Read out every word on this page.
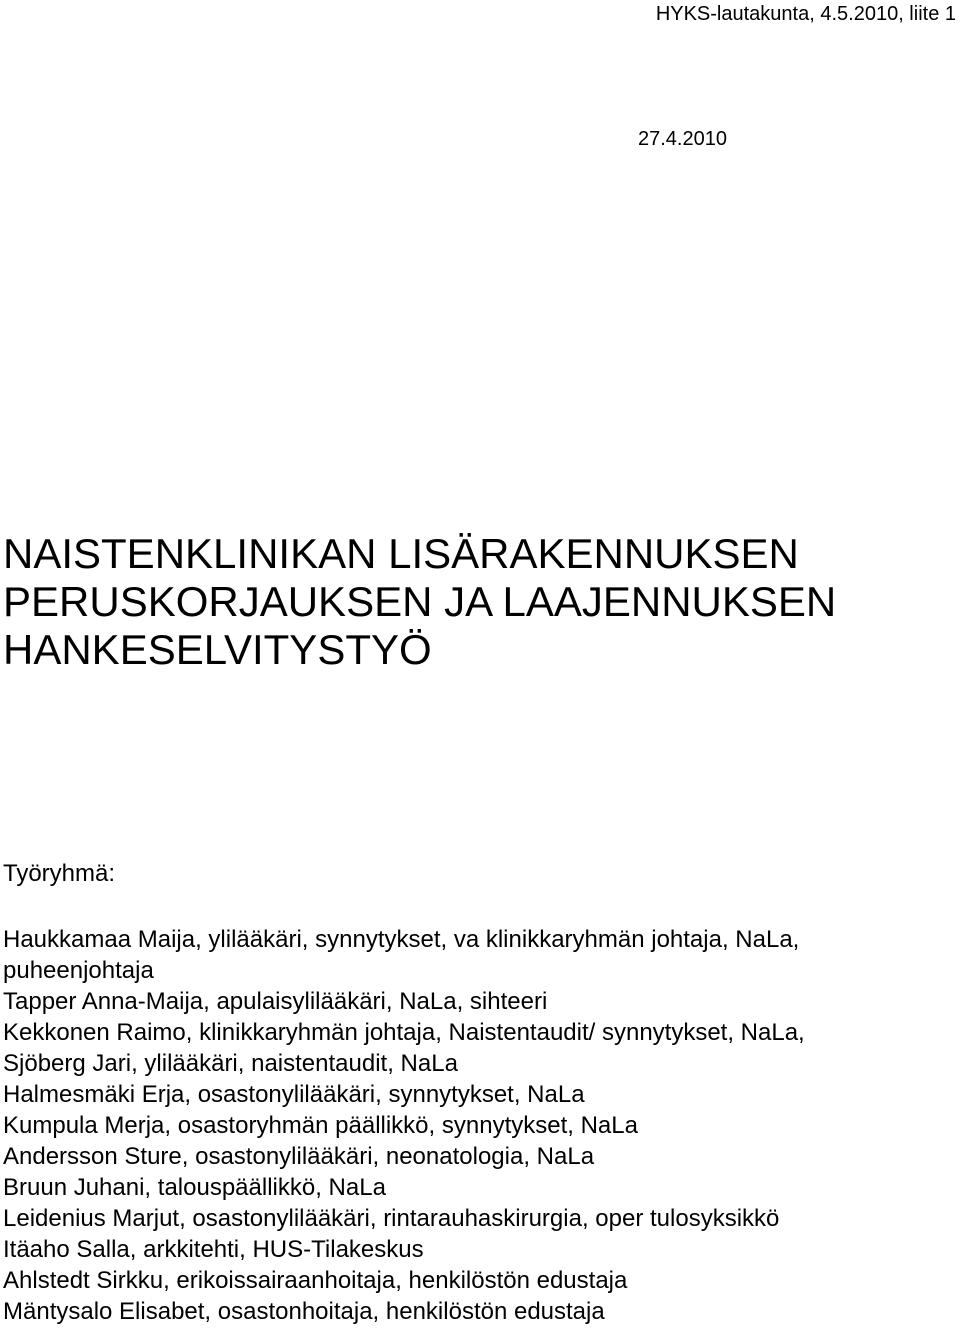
HYKS-lautakunta, 4.5.2010, liite 1
27.4.2010
NAISTENKLINIKAN LISÄRAKENNUKSEN
PERUSKORJAUKSEN JA LAAJENNUKSEN
HANKESELVITYSTYÖ
Työryhmä:
Haukkamaa Maija, ylilääkäri, synnytykset, va klinikkaryhmän johtaja, NaLa,
puheenjohtaja
Tapper Anna-Maija, apulaisylilääkäri, NaLa, sihteeri
Kekkonen Raimo, klinikkaryhmän johtaja, Naistentaudit/ synnytykset, NaLa,
Sjöberg Jari, ylilääkäri, naistentaudit, NaLa
Halmesmäki Erja, osastonylilääkäri, synnytykset, NaLa
Kumpula Merja, osastoryhmän päällikkö, synnytykset, NaLa
Andersson Sture, osastonylilääkäri, neonatologia, NaLa
Bruun Juhani, talouspäällikkö, NaLa
Leidenius Marjut, osastonylilääkäri, rintarauhaskirurgia, oper tulosyksikkö
Itäaho Salla, arkkitehti, HUS-Tilakeskus
Ahlstedt Sirkku, erikoissairaanhoitaja, henkilöstön edustaja
Mäntysalo Elisabet, osastonhoitaja, henkilöstön edustaja
